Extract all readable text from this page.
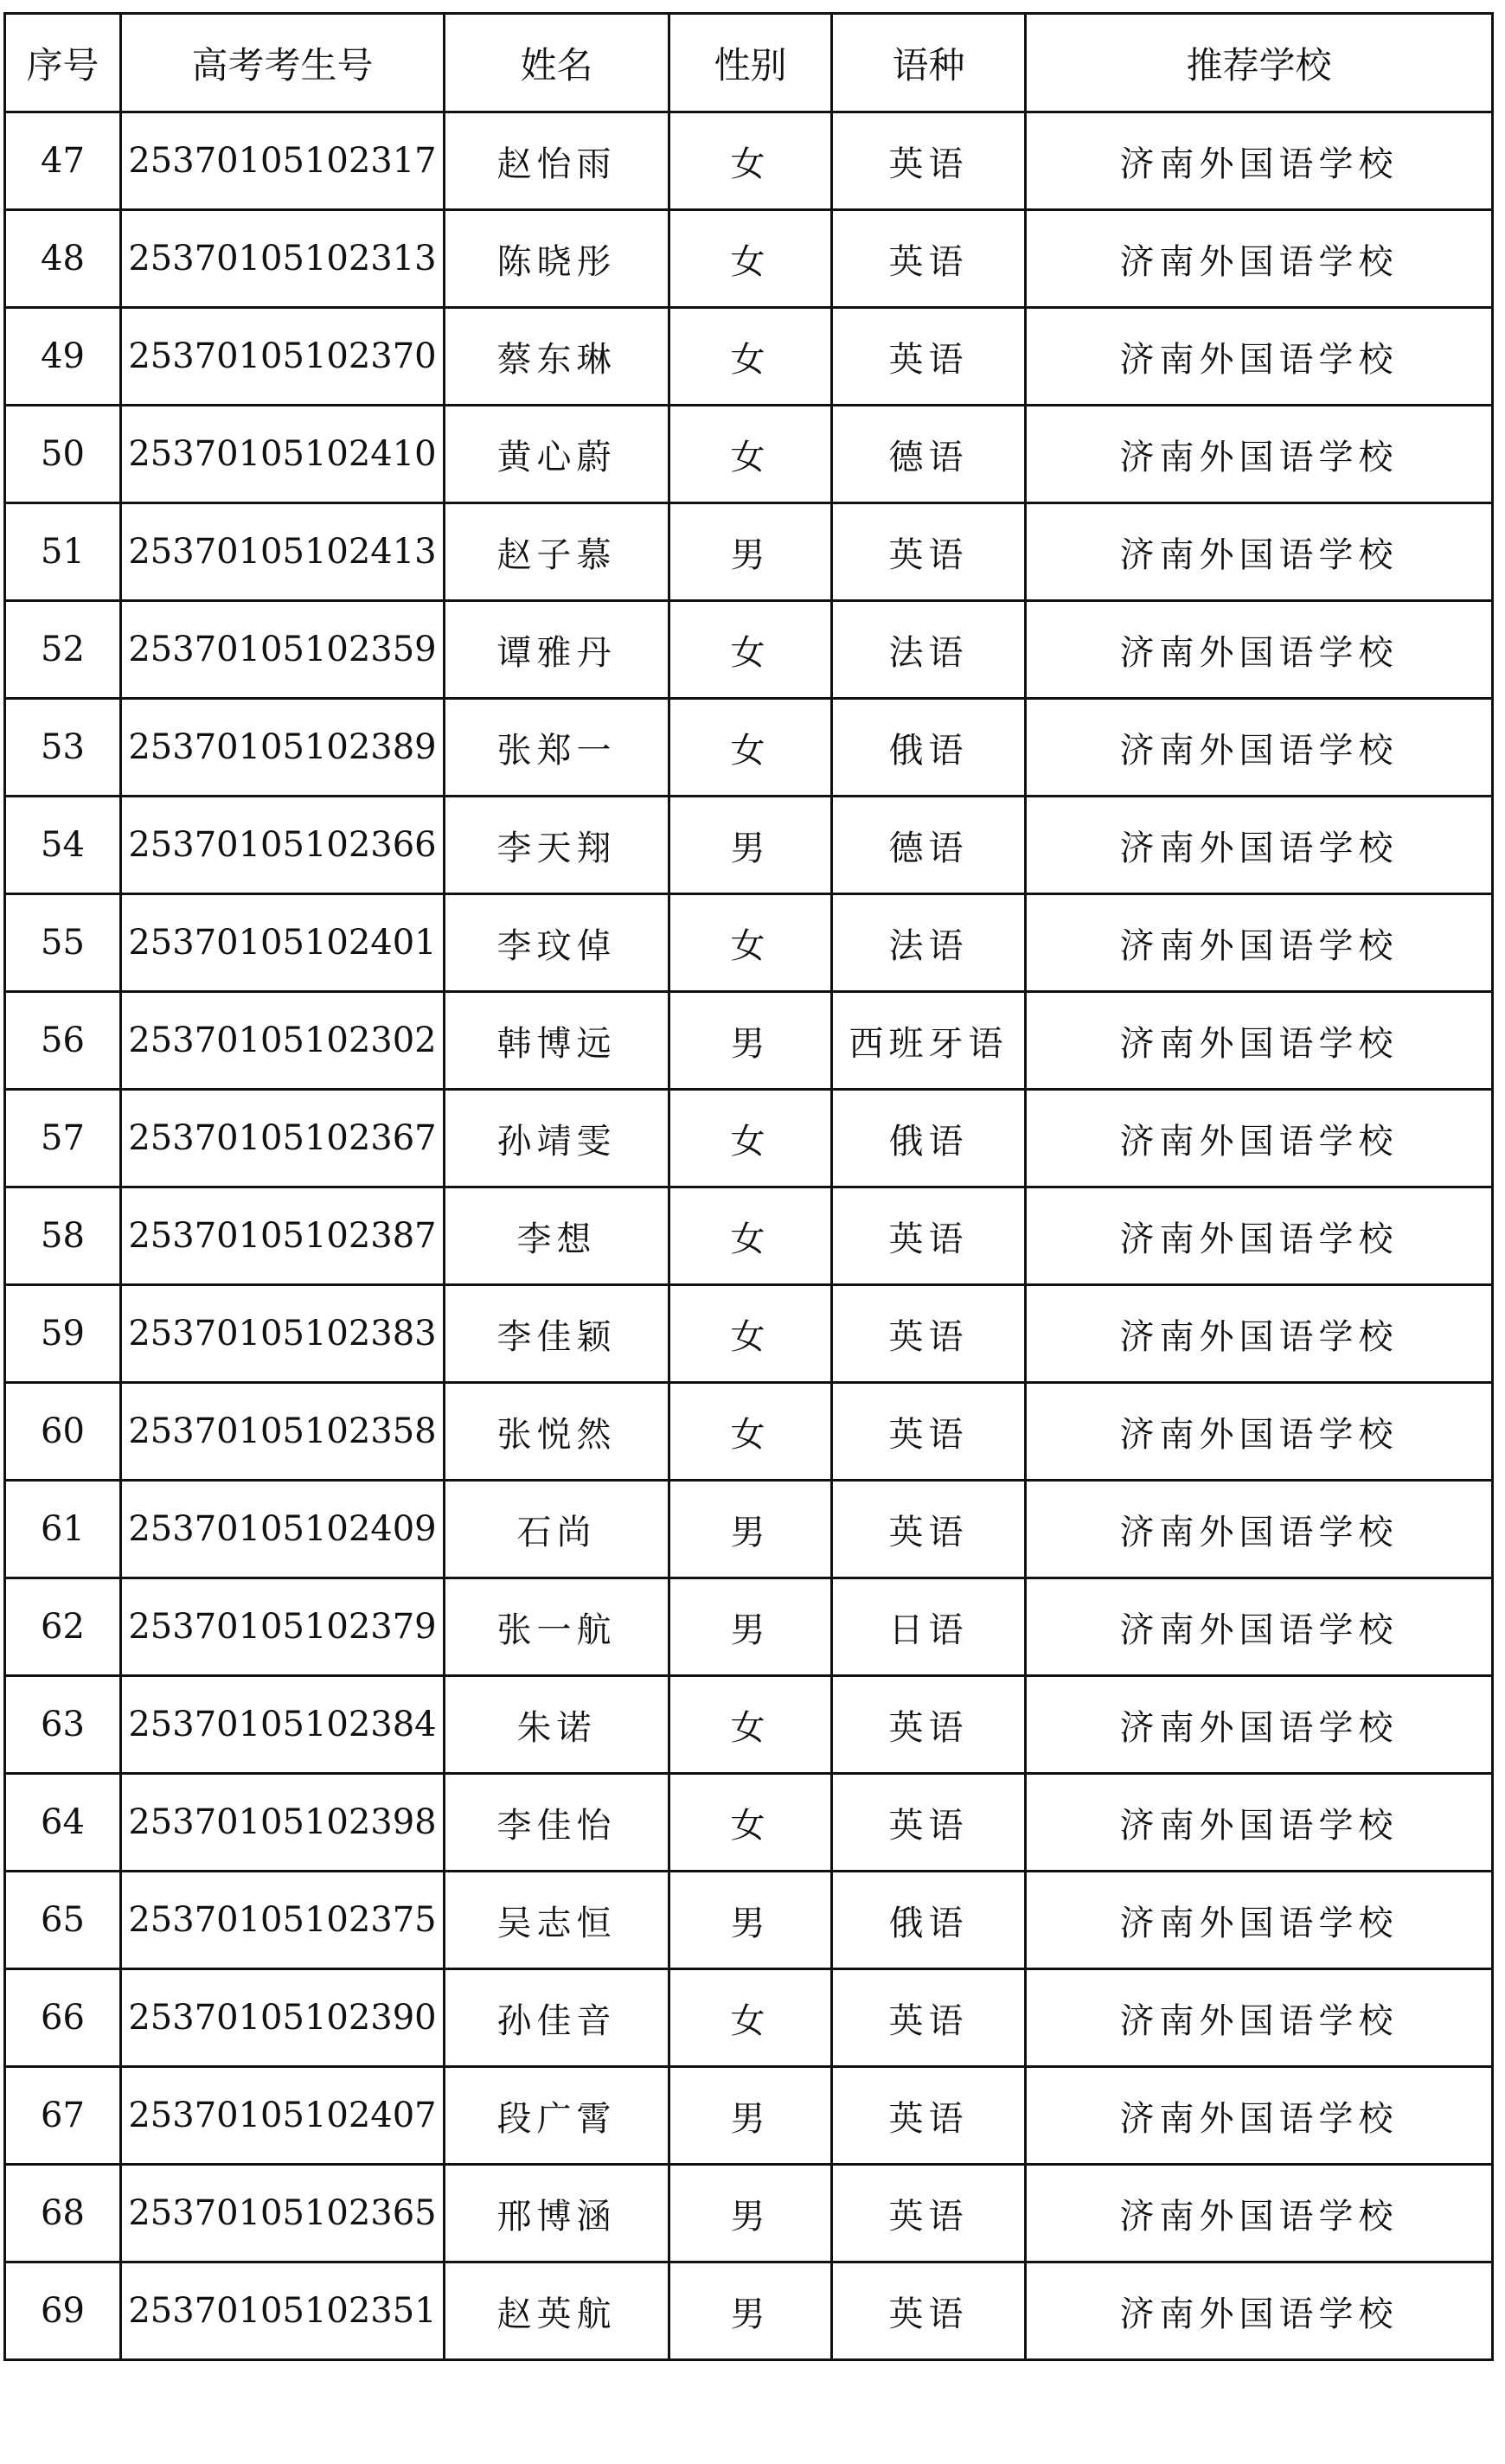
序号	高考考生号	姓名	性别	语种	推荐学校
47	25370105102317	赵怡雨	女	英语	济南外国语学校
48	25370105102313	陈晓彤	女	英语	济南外国语学校
49	25370105102370	蔡东琳	女	英语	济南外国语学校
50	25370105102410	黄心蔚	女	德语	济南外国语学校
51	25370105102413	赵子慕	男	英语	济南外国语学校
52	25370105102359	谭雅丹	女	法语	济南外国语学校
53	25370105102389	张郑一	女	俄语	济南外国语学校
54	25370105102366	李天翔	男	德语	济南外国语学校
55	25370105102401	李玟倬	女	法语	济南外国语学校
56	25370105102302	韩博远	男	西班牙语	济南外国语学校
57	25370105102367	孙靖雯	女	俄语	济南外国语学校
58	25370105102387	李想	女	英语	济南外国语学校
59	25370105102383	李佳颖	女	英语	济南外国语学校
60	25370105102358	张悦然	女	英语	济南外国语学校
61	25370105102409	石尚	男	英语	济南外国语学校
62	25370105102379	张一航	男	日语	济南外国语学校
63	25370105102384	朱诺	女	英语	济南外国语学校
64	25370105102398	李佳怡	女	英语	济南外国语学校
65	25370105102375	吴志恒	男	俄语	济南外国语学校
66	25370105102390	孙佳音	女	英语	济南外国语学校
67	25370105102407	段广霄	男	英语	济南外国语学校
68	25370105102365	邢博涵	男	英语	济南外国语学校
69	25370105102351	赵英航	男	英语	济南外国语学校
